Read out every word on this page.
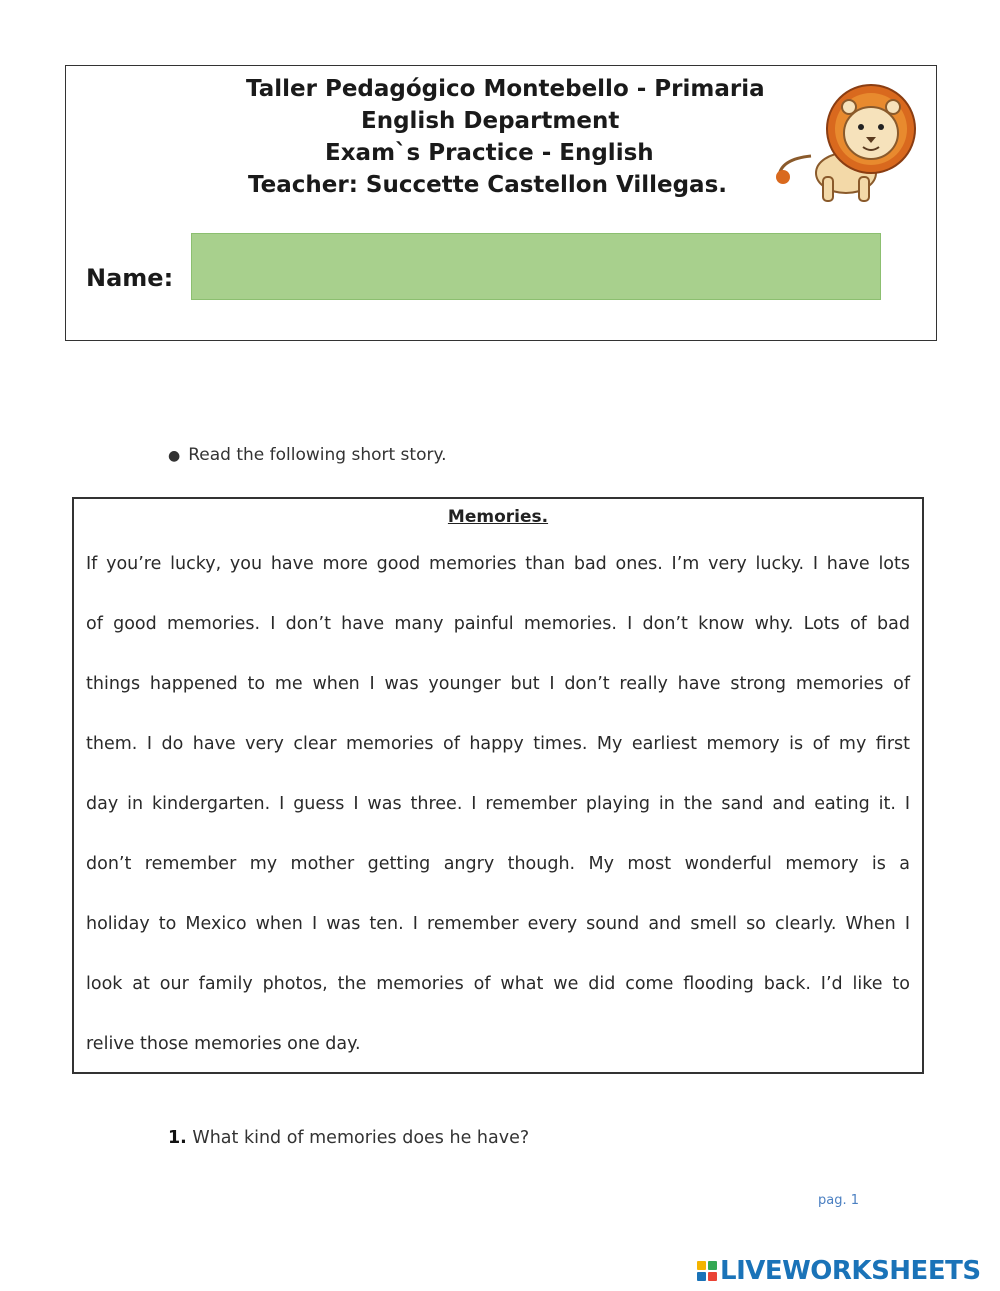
Taller Pedagógico Montebello - Primaria
English Department
Exam`s Practice - English
Teacher: Succette Castellon Villegas.
Name:
● Read the following short story.
Memories.
If you’re lucky, you have more good memories than bad ones. I’m very lucky. I have lots
of good memories. I don’t have many painful memories. I don’t know why. Lots of bad
things happened to me when I was younger but I don’t really have strong memories of
them. I do have very clear memories of happy times. My earliest memory is of my first
day in kindergarten. I guess I was three. I remember playing in the sand and eating it. I
don’t remember my mother getting angry though. My most wonderful memory is a
holiday to Mexico when I was ten. I remember every sound and smell so clearly. When I
look at our family photos, the memories of what we did come flooding back. I’d like to
relive those memories one day.
1. What kind of memories does he have?
pag. 1
LIVEWORKSHEETS
